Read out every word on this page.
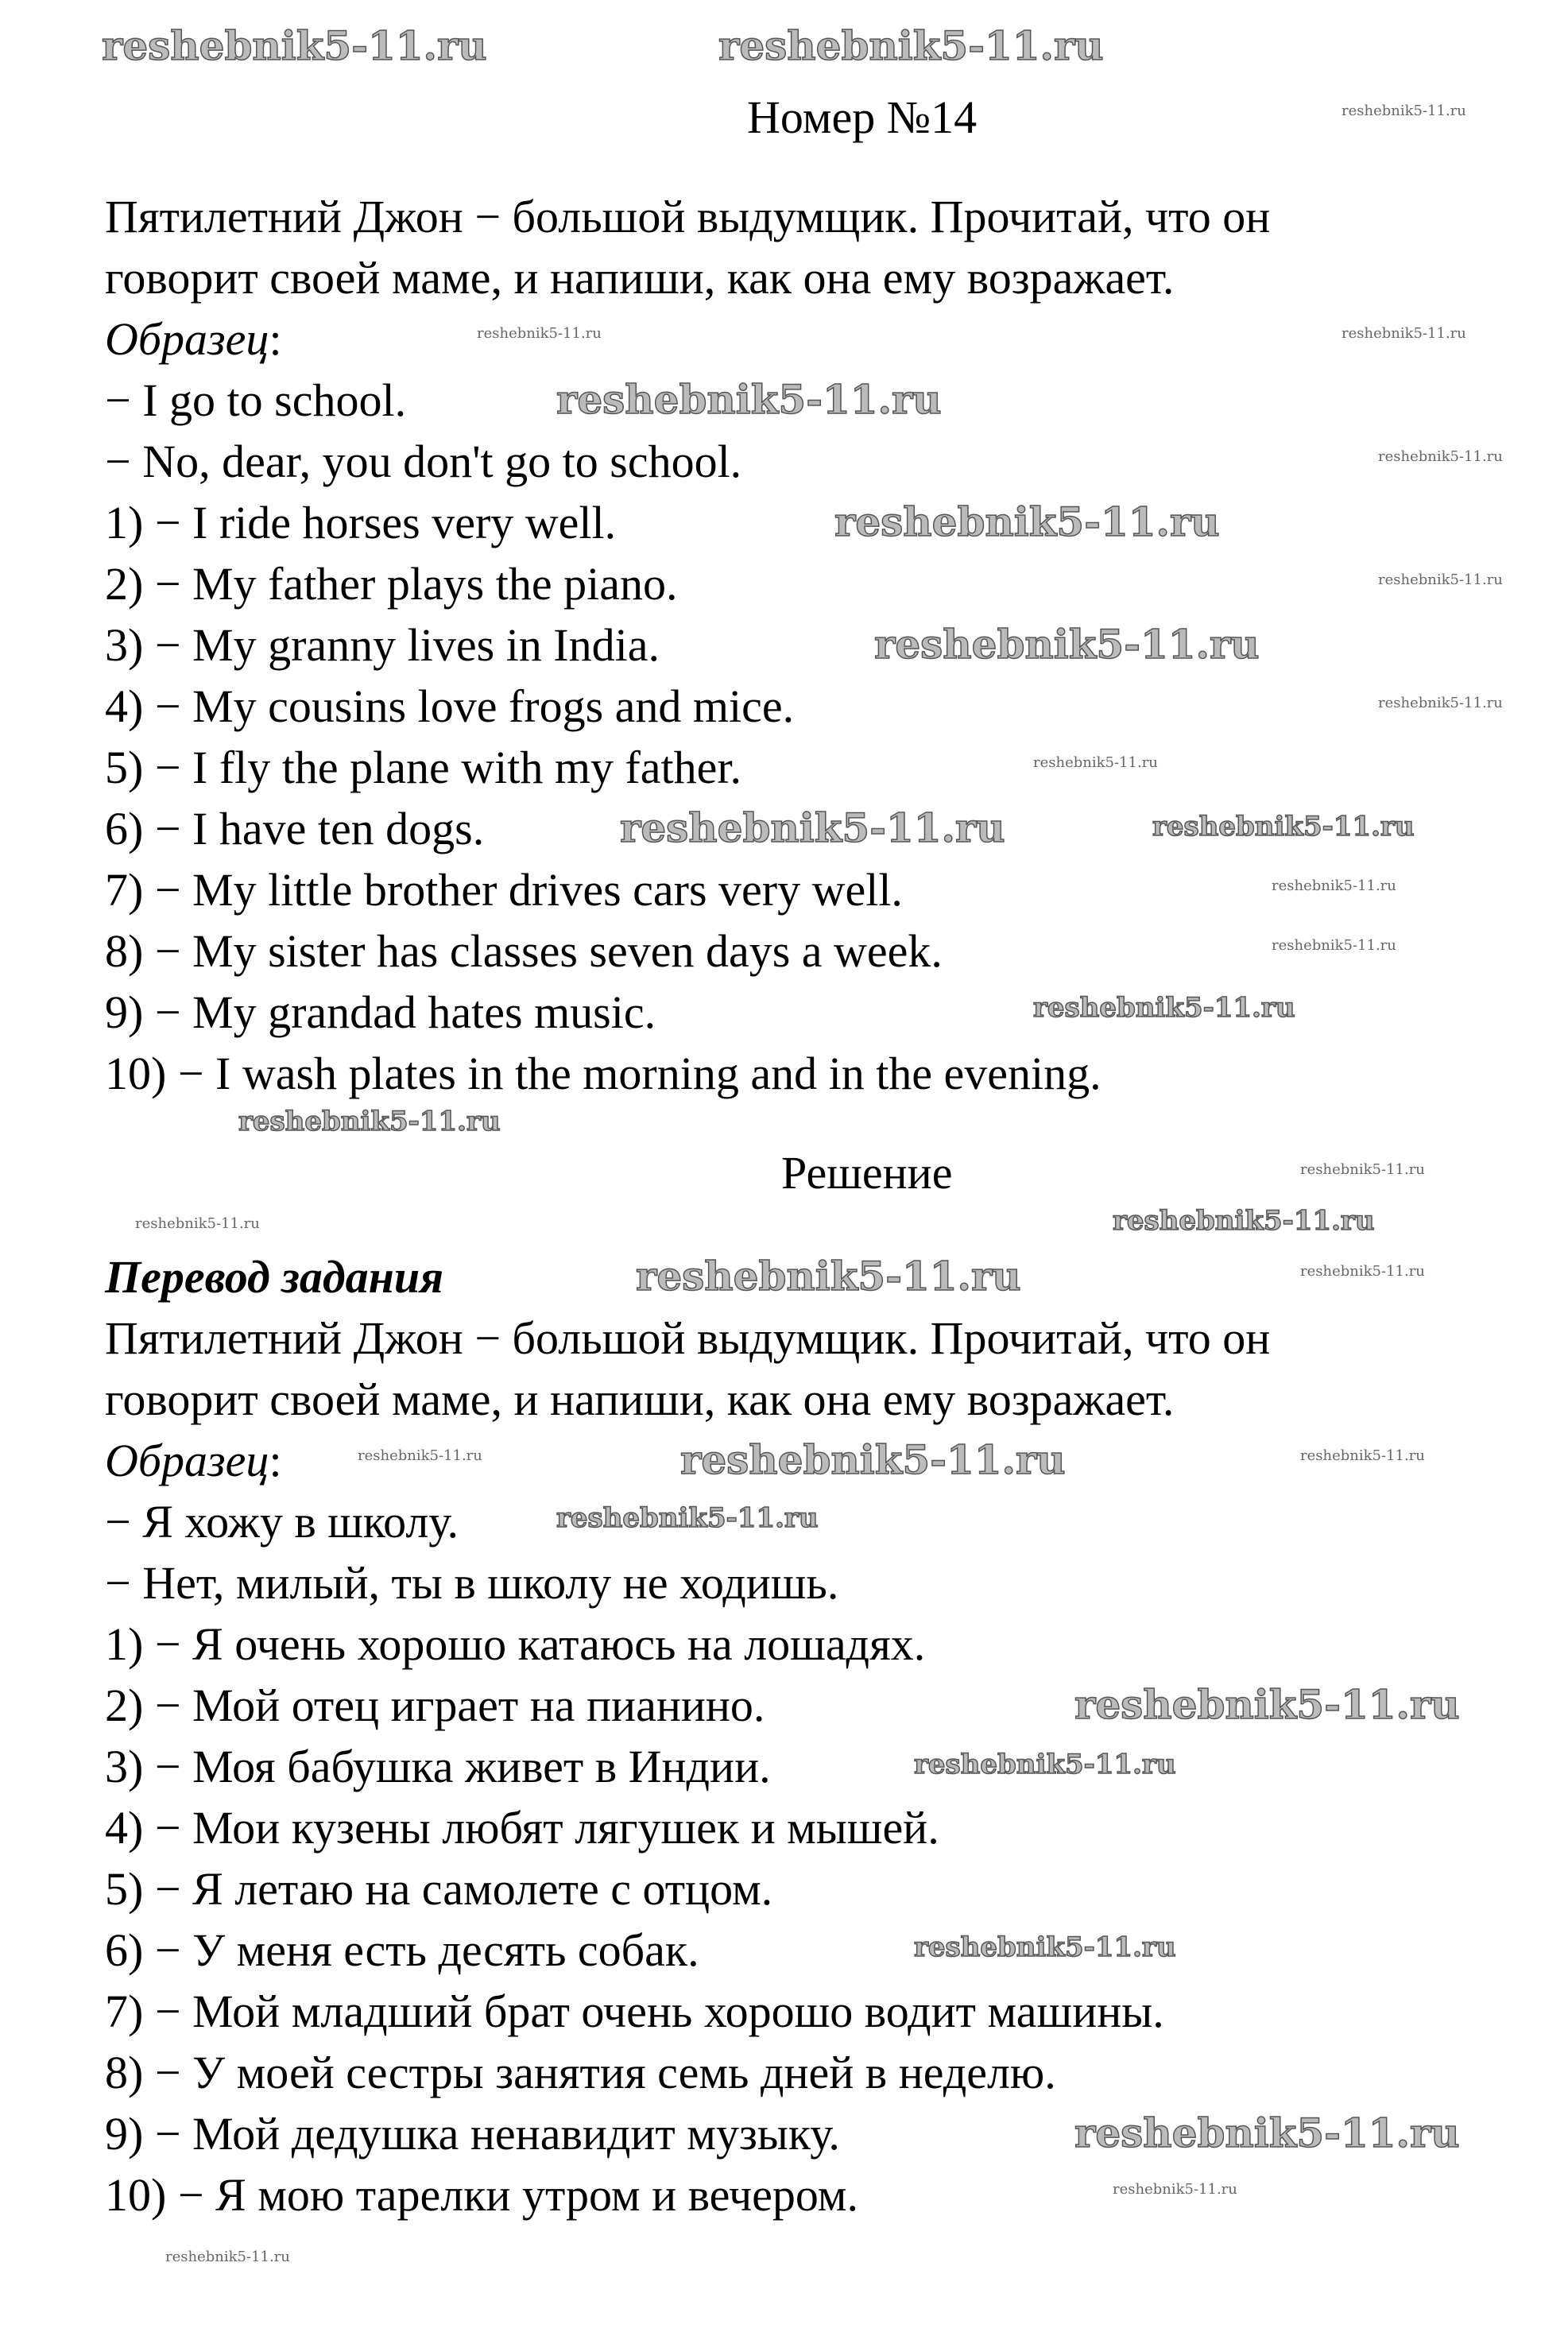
Номер №14
Пятилетний Джон − большой выдумщик. Прочитай, что он
говорит своей маме, и напиши, как она ему возражает.
Образец:
− I go to school.
− No, dear, you don't go to school.
1) − I ride horses very well.
2) − My father plays the piano.
3) − My granny lives in India.
4) − My cousins love frogs and mice.
5) − I fly the plane with my father.
6) − I have ten dogs.
7) − My little brother drives cars very well.
8) − My sister has classes seven days a week.
9) − My grandad hates music.
10) − I wash plates in the morning and in the evening.
Решение
Перевод задания
Пятилетний Джон − большой выдумщик. Прочитай, что он
говорит своей маме, и напиши, как она ему возражает.
Образец:
− Я хожу в школу.
− Нет, милый, ты в школу не ходишь.
1) − Я очень хорошо катаюсь на лошадях.
2) − Мой отец играет на пианино.
3) − Моя бабушка живет в Индии.
4) − Мои кузены любят лягушек и мышей.
5) − Я летаю на самолете с отцом.
6) − У меня есть десять собак.
7) − Мой младший брат очень хорошо водит машины.
8) − У моей сестры занятия семь дней в неделю.
9) − Мой дедушка ненавидит музыку.
10) − Я мою тарелки утром и вечером.
reshebnik5-11.ru	reshebnik5-11.ru
reshebnik5-11.ru
reshebnik5-11.ru	reshebnik5-11.ru
reshebnik5-11.ru
reshebnik5-11.ru
reshebnik5-11.ru
reshebnik5-11.ru
reshebnik5-11.ru
reshebnik5-11.ru
reshebnik5-11.ru
reshebnik5-11.ru	reshebnik5-11.ru
reshebnik5-11.ru
reshebnik5-11.ru
reshebnik5-11.ru
reshebnik5-11.ru
reshebnik5-11.ru
reshebnik5-11.ru	reshebnik5-11.ru
reshebnik5-11.ru	reshebnik5-11.ru
reshebnik5-11.ru	reshebnik5-11.ru	reshebnik5-11.ru
reshebnik5-11.ru
reshebnik5-11.ru
reshebnik5-11.ru
reshebnik5-11.ru
reshebnik5-11.ru
reshebnik5-11.ru
reshebnik5-11.ru
